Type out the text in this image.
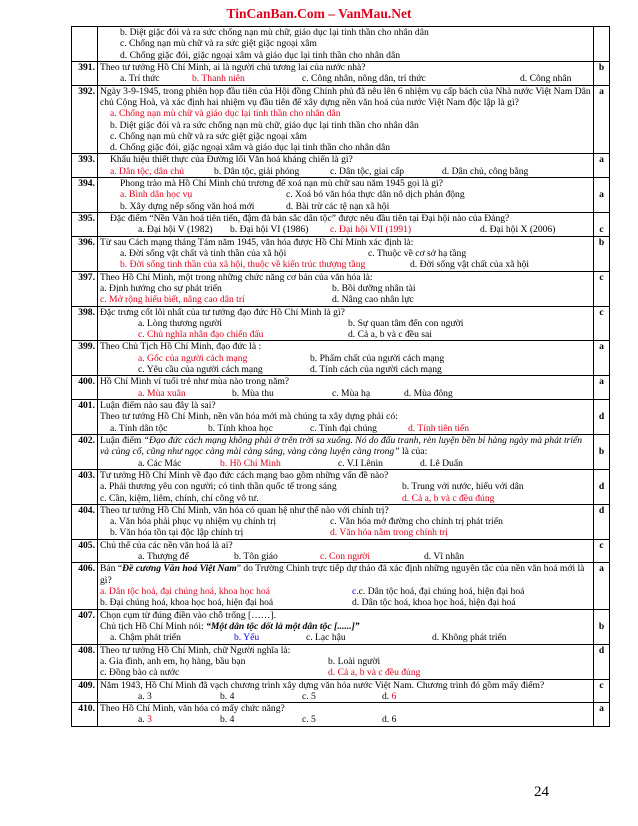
TinCanBan.Com – VanMau.Net

	b. Diệt giặc đói và ra sức chống nạn mù chữ, giáo dục lại tinh thần cho nhân dân
c. Chống nạn mù chữ và ra sức giệt giặc ngoại xâm
d. Chống giặc đói, giặc ngoại xâm và giáo dục lại tinh thần cho nhân dân	

391.	Theo tư tưởng Hồ Chí Minh, ai là người chủ tương lai của nước nhà?
a. Trí thức b. Thanh niên c. Công nhân, nông dân, trí thức d. Công nhân	b
392.	Ngày 3-9-1945, trong phiên họp đầu tiên của Hội đồng Chính phủ đã nêu lên 6 nhiệm vụ cấp bách của Nhà nước Việt Nam Dân chủ Cộng Hoà, và xác định hai nhiệm vụ đầu tiên để xây dựng nền văn hoá của nước Việt Nam độc lập là gì?
a. Chống nạn mù chữ và giáo dục lại tinh thần cho nhân dân
b. Diệt giặc đói và ra sức chống nạn mù chữ, giáo dục lại tinh thần cho nhân dân
c. Chống nạn mù chữ và ra sức giệt giặc ngoại xâm
d. Chống giặc đói, giặc ngoại xâm và giáo dục lại tinh thần cho nhân dân	a
393.	Khẩu hiệu thiết thực của Đường lối Văn hoá kháng chiến là gì?
a. Dân tộc, dân chủ b. Dân tộc, giải phóng c. Dân tộc, giai cấp d. Dân chủ, công bằng	a
394.	Phong trào mà Hồ Chí Minh chủ trương để xoá nạn mù chữ sau năm 1945 gọi là gì?
a. Bình dân học vụ c. Xoá bỏ văn hóa thực dân nô dịch phản động
b. Xây dựng nếp sống văn hoá mới d. Bài trừ các tệ nạn xã hội	a
395.	Đặc điểm “Nền Văn hoá tiên tiến, đậm đà bản sắc dân tộc” được nêu đầu tiên tại Đại hội nào của Đảng?
a. Đại hội V (1982) b. Đại hội VI (1986) c. Đại hội VII (1991) d. Đại hội X (2006)	c
396.	Từ sau Cách mạng tháng Tám năm 1945, văn hóa được Hồ Chí Minh xác định là:
a. Đời sống vật chất và tinh thần của xã hội c. Thuộc về cơ sở hạ tầng
b. Đời sống tinh thần của xã hội, thuộc về kiến trúc thượng tầng d. Đời sống vật chất của xã hội	b
397.	Theo Hồ Chí Minh, một trong những chức năng cơ bản của văn hóa là:
a. Định hướng cho sự phát triển b. Bồi dưỡng nhân tài
c. Mở rộng hiểu biết, nâng cao dân trí d. Nâng cao nhân lực	c
398.	Đặc trưng cốt lõi nhất của tư tưởng đạo đức Hồ Chí Minh là gì?
a. Lòng thương người b. Sự quan tâm đến con người
c. Chủ nghĩa nhân đạo chiến đấu d. Cả a, b và c đều sai	c
399.	Theo Chủ Tịch Hồ Chí Minh, đạo đức là :
a. Gốc của người cách mạng b. Phẩm chất của người cách mạng
c. Yêu cầu của người cách mạng d. Tính cách của người cách mạng	a
400.	Hồ Chí Minh ví tuổi trẻ như mùa nào trong năm?
a. Mùa xuân b. Mùa thu c. Mùa hạ d. Mùa đông	a
401.	Luận điểm nào sau đây là sai?
Theo tư tưởng Hồ Chí Minh, nền văn hóa mới mà chúng ta xây dựng phải có:
a. Tính dân tộc b. Tính khoa học c. Tính đại chúng d. Tính tiên tiến	d
402.	Luận điểm “Đạo đức cách mạng không phải ở trên trời sa xuống. Nó do đấu tranh, rèn luyện bền bỉ hàng ngày mà phát triển và củng cố, cũng như ngọc càng mài càng sáng, vàng càng luyện càng trong” là của:
a. Các Mác b. Hồ Chí Minh c. V.I Lênin d. Lê Duẩn	b
403.	Tư tưởng Hồ Chí Minh về đạo đức cách mạng bao gồm những vấn đề nào?
a. Phải thương yêu con người; có tinh thần quốc tế trong sáng b. Trung với nước, hiếu với dân
c. Cần, kiệm, liêm, chính, chí công vô tư. d. Cả a, b và c đều đúng	d
404.	Theo tư tưởng Hồ Chí Minh, văn hóa có quan hệ như thế nào với chính trị?
a. Văn hóa phải phục vụ nhiệm vụ chính trị c. Văn hóa mở đường cho chính trị phát triển
b. Văn hóa tồn tại độc lập chính trị d. Văn hóa nằm trong chính trị	d
405.	Chủ thể của các nền văn hoá là ai?
a. Thượng đế b. Tôn giáo c. Con người d. Vĩ nhân	c
406.	Bản “Đề cương Văn hoá Việt Nam” do Trường Chinh trực tiếp dự thảo đã xác định những nguyên tắc của nền văn hoá mới là gì?
a. Dân tộc hoá, đại chúng hoá, khoa học hoá c.c. Dân tộc hoá, đại chúng hoá, hiện đại hoá
b. Đại chúng hoá, khoa học hoá, hiện đại hoá d. Dân tộc hoá, khoa học hoá, hiện đại hoá	a
407.	Chọn cụm từ đúng điền vào chỗ trống [……].
Chủ tịch Hồ Chí Minh nói: “Một dân tộc dốt là một dân tộc [......]”
a. Chậm phát triển b. Yếu c. Lạc hậu d. Không phát triển	b
408.	Theo tư tưởng Hồ Chí Minh, chữ Người nghĩa là:
a. Gia đình, anh em, họ hàng, bầu bạn b. Loài người
c. Đồng bào cả nước d. Cả a, b và c đều đúng	d
409.	Năm 1943, Hồ Chí Minh đã vạch chương trình xây dựng văn hóa nước Việt Nam. Chương trình đó gồm mấy điểm?
a. 3 b. 4 c. 5 d. 6	c
410.	Theo Hồ Chí Minh, văn hóa có mấy chức năng?
a. 3 b. 4 c. 5 d. 6	a
24
